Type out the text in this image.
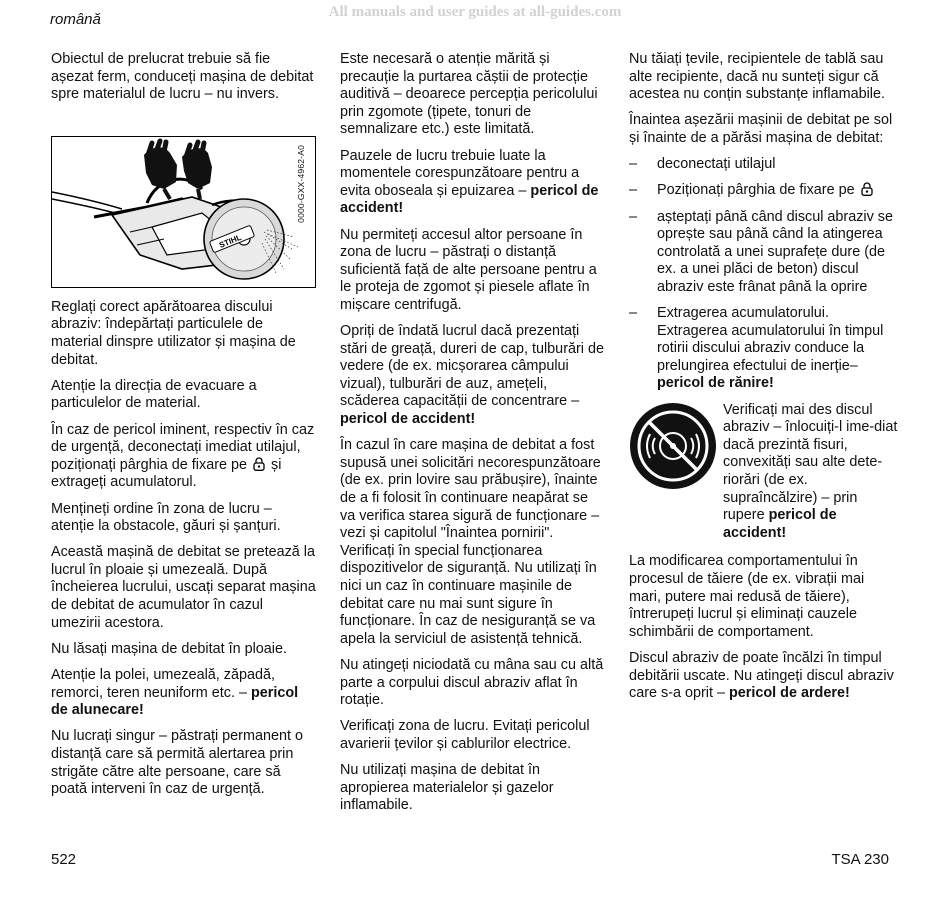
All manuals and user guides at all-guides.com
română

Obiectul de prelucrat trebuie să fie așezat ferm, conduceți mașina de debitat spre materialul de lucru – nu invers.

STIHL
0000-GXX-4962-A0

Reglați corect apărătoarea discului abraziv: îndepărtați particulele de material dinspre utilizator și mașina de debitat.

Atenție la direcția de evacuare a particulelor de material.

În caz de pericol iminent, respectiv în caz de urgență, deconectați imediat utilajul, poziționați pârghia de fixare pe și extrageți acumulatorul.

Mențineți ordine în zona de lucru – atenție la obstacole, găuri și șanțuri.

Această mașină de debitat se pretează la lucrul în ploaie și umezeală. După încheierea lucrului, uscați separat mașina de debitat de acumulator în cazul umezirii acestora.

Nu lăsați mașina de debitat în ploaie.

Atenție la polei, umezeală, zăpadă, remorci, teren neuniform etc. – pericol de alunecare!

Nu lucrați singur – păstrați permanent o distanță care să permită alertarea prin strigăte către alte persoane, care să poată interveni în caz de urgență.

Este necesară o atenție mărită și precauție la purtarea căștii de protecție auditivă – deoarece percepția pericolului prin zgomote (țipete, tonuri de semnalizare etc.) este limitată.

Pauzele de lucru trebuie luate la momentele corespunzătoare pentru a evita oboseala și epuizarea – pericol de accident!

Nu permiteți accesul altor persoane în zona de lucru – păstrați o distanță suficientă față de alte persoane pentru a le proteja de zgomot și piesele aflate în mișcare centrifugă.

Opriți de îndată lucrul dacă prezentați stări de greață, dureri de cap, tulburări de vedere (de ex. micșorarea câmpului vizual), tulburări de auz, amețeli, scăderea capacității de concentrare – pericol de accident!

În cazul în care mașina de debitat a fost supusă unei solicitări necorespunzătoare (de ex. prin lovire sau prăbușire), înainte de a fi folosit în continuare neapărat se va verifica starea sigură de funcționare – vezi și capitolul "Înaintea pornirii". Verificați în special funcționarea dispozitivelor de siguranță. Nu utilizați în nici un caz în continuare mașinile de debitat care nu mai sunt sigure în funcționare. În caz de nesiguranță se va apela la serviciul de asistență tehnică.

Nu atingeți niciodată cu mâna sau cu altă parte a corpului discul abraziv aflat în rotație.

Verificați zona de lucru. Evitați pericolul avarierii țevilor și cablurilor electrice.

Nu utilizați mașina de debitat în apropierea materialelor și gazelor inflamabile.

Nu tăiați țevile, recipientele de tablă sau alte recipiente, dacă nu sunteți sigur că acestea nu conțin substanțe inflamabile.

Înaintea așezării mașinii de debitat pe sol și înainte de a părăsi mașina de debitat:

–	deconectați utilajul
–	Poziționați pârghia de fixare pe
–	așteptați până când discul abraziv se oprește sau până când la atingerea controlată a unei suprafețe dure (de ex. a unei plăci de beton) discul abraziv este frânat până la oprire
–	Extragerea acumulatorului. Extragerea acumulatorului în timpul rotirii discului abraziv conduce la prelungirea efectului de inerție–
pericol de rănire!
Verificați mai des discul abraziv – înlocuiți-l ime-diat dacă prezintă fisuri, convexități sau alte dete-riorări (de ex. supraîncălzire) – prin rupere pericol de accident!

La modificarea comportamentului în procesul de tăiere (de ex. vibrații mai mari, putere mai redusă de tăiere), întrerupeți lucrul și eliminați cauzele schimbării de comportament.

Discul abraziv de poate încălzi în timpul debitării uscate. Nu atingeți discul abraziv care s-a oprit – pericol de ardere!

522	TSA 230
